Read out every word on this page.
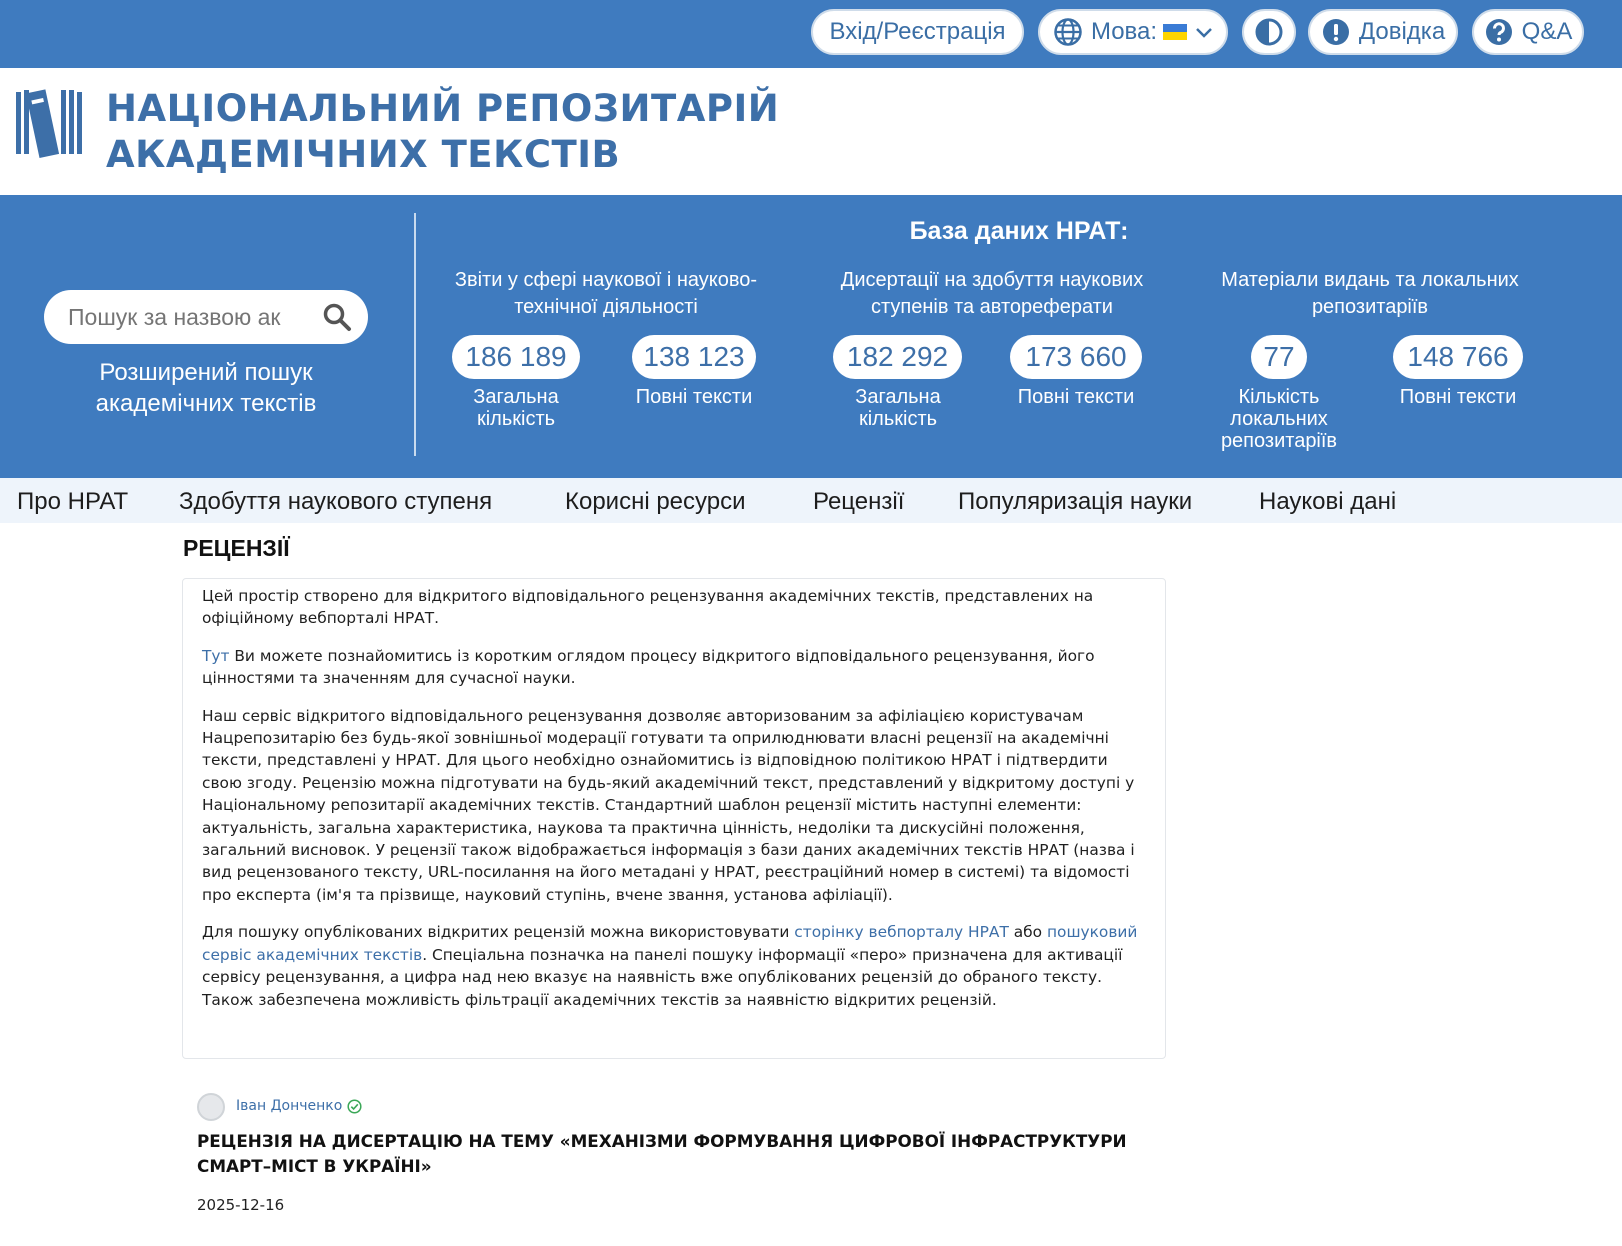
Вхід/Реєстрація	Мова:	Довідка	Q&A
НАЦІОНАЛЬНИЙ РЕПОЗИТАРІЙ
АКАДЕМІЧНИХ ТЕКСТІВ
Пошук за назвою ак
Розширений пошук
академічних текстів
База даних НРАТ:
Звіти у сфері наукової і науково-
технічної діяльності
186 189
Загальна
кількість
138 123
Повні тексти
Дисертації на здобуття наукових
ступенів та автореферати
182 292
Загальна
кількість
173 660
Повні тексти
Матеріали видань та локальних
репозитаріїв
77
Кількість
локальних
репозитаріїв
148 766
Повні тексти
Про НРАТ Здобуття наукового ступеня	Корисні ресурси	Рецензії Популяризація науки	Наукові дані
РЕЦЕНЗІЇ

Цей простір створено для відкритого відповідального рецензування академічних текстів, представлених на офіційному вебпорталі НРАТ.

Тут Ви можете познайомитись із коротким оглядом процесу відкритого відповідального рецензування, його цінностями та значенням для сучасної науки.

Наш сервіс відкритого відповідального рецензування дозволяє авторизованим за афіліацією користувачам Нацрепозитарію без будь-якої зовнішньої модерації готувати та оприлюднювати власні рецензії на академічні тексти, представлені у НРАТ. Для цього необхідно ознайомитись із відповідною політикою НРАТ і підтвердити свою згоду. Рецензію можна підготувати на будь-який академічний текст, представлений у відкритому доступі у Національному репозитарії академічних текстів. Стандартний шаблон рецензії містить наступні елементи: актуальність, загальна характеристика, наукова та практична цінність, недоліки та дискусійні положення, загальний висновок. У рецензії також відображається інформація з бази даних академічних текстів НРАТ (назва і вид рецензованого тексту, URL-посилання на його метадані у НРАТ, реєстраційний номер в системі) та відомості про експерта (ім'я та прізвище, науковий ступінь, вчене звання, установа афіліації).

Для пошуку опублікованих відкритих рецензій можна використовувати сторінку вебпорталу НРАТ або пошуковий сервіс академічних текстів. Спеціальна позначка на панелі пошуку інформації «перо» призначена для активації сервісу рецензування, а цифра над нею вказує на наявність вже опублікованих рецензій до обраного тексту. Також забезпечена можливість фільтрації академічних текстів за наявністю відкритих рецензій.

Іван Донченко
РЕЦЕНЗІЯ НА ДИСЕРТАЦІЮ НА ТЕМУ «МЕХАНІЗМИ ФОРМУВАННЯ ЦИФРОВОЇ ІНФРАСТРУКТУРИ СМАРТ–МІСТ В УКРАЇНІ»
2025-12-16
